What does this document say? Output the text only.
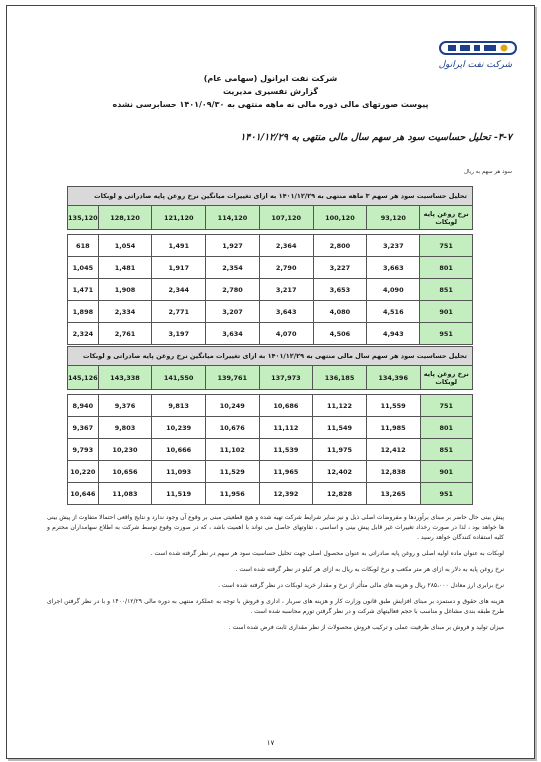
شرکت نفت ایرانول
شرکت نفت ایرانول (سهامی عام)
گزارش تفسیری مدیریت
پیوست صورتهای مالی دوره مالی نه ماهه منتهی به ۱۴۰۱/۰۹/۳۰ حسابرسی نشده
۴-۷- تحلیل حساسیت سود هر سهم سال مالی منتهی به ۱۴۰۱/۱۲/۲۹
سود هر سهم به ریال
تحلیل حساسیت سود هر سهم ۳ ماهه منتهی به ۱۴۰۱/۱۲/۲۹ به ازای تغییرات میانگین نرخ روغن پایه صادراتی و لوبکات							
نرخ روغن پایه لوبکات	93,120	100,120	107,120	114,120	121,120	128,120	135,120

751	3,237	2,800	2,364	1,927	1,491	1,054	618
801	3,663	3,227	2,790	2,354	1,917	1,481	1,045
851	4,090	3,653	3,217	2,780	2,344	1,908	1,471
901	4,516	4,080	3,643	3,207	2,771	2,334	1,898
951	4,943	4,506	4,070	3,634	3,197	2,761	2,324
تحلیل حساسیت سود هر سهم سال مالی منتهی به ۱۴۰۱/۱۲/۲۹ به ازای تغییرات میانگین نرخ روغن پایه صادراتی و لوبکات							
نرخ روغن پایه لوبکات	134,396	136,185	137,973	139,761	141,550	143,338	145,126

751	11,559	11,122	10,686	10,249	9,813	9,376	8,940
801	11,985	11,549	11,112	10,676	10,239	9,803	9,367
851	12,412	11,975	11,539	11,102	10,666	10,230	9,793
901	12,838	12,402	11,965	11,529	11,093	10,656	10,220
951	13,265	12,828	12,392	11,956	11,519	11,083	10,646

پیش بینی حال حاضر بر مبنای برآوردها و مفروضات اصلی ذیل و نیز سایر شرایط شرکت تهیه شده و هیچ قطعیتی مبنی بر وقوع آن وجود ندارد و نتایج واقعی احتمالا متفاوت از پیش بینی ها خواهد بود ، لذا در صورت رخداد تغییرات غیر قابل پیش بینی و اساسی ، تفاوتهای حاصل می تواند با اهمیت باشد ، که در صورت وقوع توسط شرکت به اطلاع سهامداران محترم و کلیه استفاده کنندگان خواهد رسید .

لوبکات به عنوان ماده اولیه اصلی و روغن پایه صادراتی به عنوان محصول اصلی جهت تحلیل حساسیت سود هر سهم در نظر گرفته شده است .

نرخ روغن پایه به دلار به ازای هر متر مکعب و نرخ لوبکات به ریال به ازای هر کیلو در نظر گرفته شده است .

نرخ برابری ارز معادل ۲۸۵،۰۰۰ ریال و هزینه های مالی متأثر از نرخ و مقدار خرید لوبکات در نظر گرفته شده است .

هزینه های حقوق و دستمزد بر مبنای افزایش طبق قانون وزارت کار و هزینه های سربار ، اداری و فروش با توجه به عملکرد منتهی به دوره مالی ۱۴۰۰/۱۲/۲۹ و با در نظر گرفتن اجرای طرح طبقه بندی مشاغل و مناسب با حجم فعالیتهای شرکت و در نظر گرفتن تورم محاسبه شده است .

میزان تولید و فروش بر مبنای ظرفیت عملی و ترکیب فروش محصولات از نظر مقداری ثابت فرض شده است .

۱۷
